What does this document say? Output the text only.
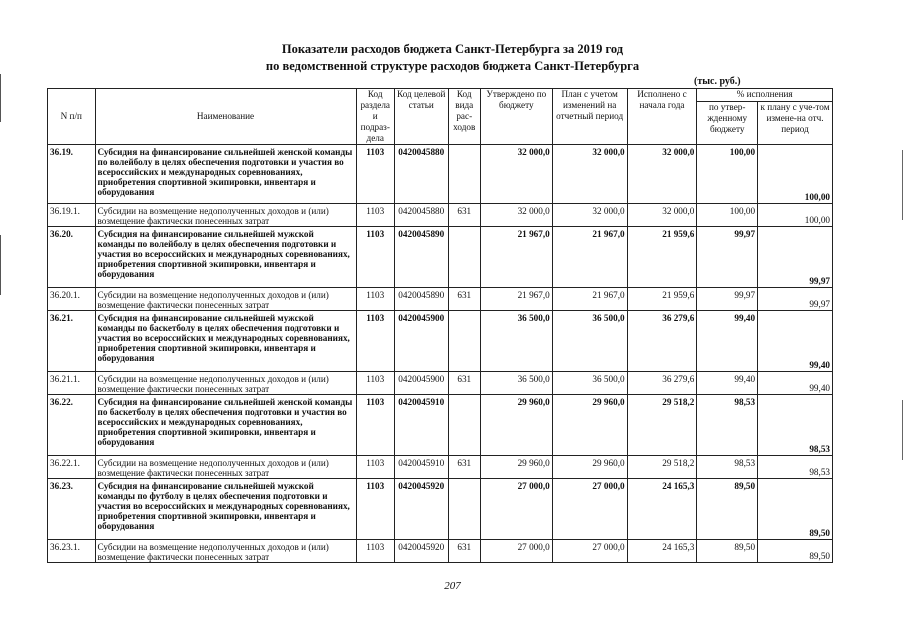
Показатели расходов бюджета Санкт-Петербурга за 2019 год
по ведомственной структуре расходов бюджета Санкт-Петербурга
(тыс. руб.)
N п/п	Наименование	Код раздела и подраз-дела	Код целевой статьи	Код вида рас-ходов	Утверждено по бюджету	План с учетом изменений на отчетный период	Исполнено с начала года	% исполнения	
								по утвер-жденному бюджету	к плану с уче-том измене-на отч. период
36.19.	Субсидия на финансирование сильнейшей женской команды по волейболу в целях обеспечения подготовки и участия во всероссийских и международных соревнованиях, приобретения спортивной экипировки, инвентаря и оборудования	1103	0420045880		32 000,0	32 000,0	32 000,0	100,00	100,00
36.19.1.	Субсидии на возмещение недополученных доходов и (или) возмещение фактически понесенных затрат	1103	0420045880	631	32 000,0	32 000,0	32 000,0	100,00	100,00
36.20.	Субсидия на финансирование сильнейшей мужской команды по волейболу в целях обеспечения подготовки и участия во всероссийских и международных соревнованиях, приобретения спортивной экипировки, инвентаря и оборудования	1103	0420045890		21 967,0	21 967,0	21 959,6	99,97	99,97
36.20.1.	Субсидии на возмещение недополученных доходов и (или) возмещение фактически понесенных затрат	1103	0420045890	631	21 967,0	21 967,0	21 959,6	99,97	99,97
36.21.	Субсидия на финансирование сильнейшей мужской команды по баскетболу в целях обеспечения подготовки и участия во всероссийских и международных соревнованиях, приобретения спортивной экипировки, инвентаря и оборудования	1103	0420045900		36 500,0	36 500,0	36 279,6	99,40	99,40
36.21.1.	Субсидии на возмещение недополученных доходов и (или) возмещение фактически понесенных затрат	1103	0420045900	631	36 500,0	36 500,0	36 279,6	99,40	99,40
36.22.	Субсидия на финансирование сильнейшей женской команды по баскетболу в целях обеспечения подготовки и участия во всероссийских и международных соревнованиях, приобретения спортивной экипировки, инвентаря и оборудования	1103	0420045910		29 960,0	29 960,0	29 518,2	98,53	98,53
36.22.1.	Субсидии на возмещение недополученных доходов и (или) возмещение фактически понесенных затрат	1103	0420045910	631	29 960,0	29 960,0	29 518,2	98,53	98,53
36.23.	Субсидия на финансирование сильнейшей мужской команды по футболу в целях обеспечения подготовки и участия во всероссийских и международных соревнованиях, приобретения спортивной экипировки, инвентаря и оборудования	1103	0420045920		27 000,0	27 000,0	24 165,3	89,50	89,50
36.23.1.	Субсидии на возмещение недополученных доходов и (или) возмещение фактически понесенных затрат	1103	0420045920	631	27 000,0	27 000,0	24 165,3	89,50	89,50
207
